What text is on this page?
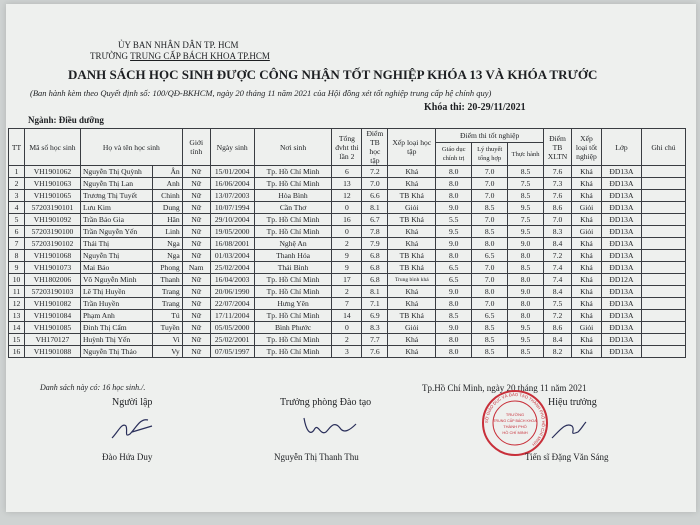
ỦY BAN NHÂN DÂN TP. HCM
TRƯỜNG TRUNG CẤP BÁCH KHOA TP.HCM
DANH SÁCH HỌC SINH ĐƯỢC CÔNG NHẬN TỐT NGHIỆP KHÓA 13 VÀ KHÓA TRƯỚC
(Ban hành kèm theo Quyết định số: 100/QĐ-BKHCM, ngày 20 tháng 11 năm 2021 của Hội đồng xét tốt nghiệp trung cấp hệ chính quy)
Khóa thi: 20-29/11/2021
Ngành: Điều dưỡng
TT	Mã số học sinh	Họ và tên học sinh		Giới tính	Ngày sinh	Nơi sinh	Tổng đvht thi lần 2	Điểm TB học tập	Xếp loại học tập	Điểm thi tốt nghiệp			Điểm TB XLTN	Xếp loại tốt nghiệp	Lớp	Ghi chú
										Giáo dục chính trị	Lý thuyết tổng hợp	Thực hành				
1	VH1901062	Nguyễn Thị Quỳnh	Ân	Nữ	15/01/2004	Tp. Hồ Chí Minh	6	7.2	Khá	8.0	7.0	8.5	7.6	Khá	ĐD13A	
2	VH1901063	Nguyễn Thị Lan	Anh	Nữ	16/06/2004	Tp. Hồ Chí Minh	13	7.0	Khá	8.0	7.0	7.5	7.3	Khá	ĐD13A	
3	VH1901065	Trương Thị Tuyết	Chinh	Nữ	13/07/2003	Hòa Bình	12	6.6	TB Khá	8.0	7.0	8.5	7.6	Khá	ĐD13A	
4	57203190101	Lưu Kim	Dung	Nữ	10/07/1994	Cần Thơ	0	8.1	Giỏi	9.0	8.5	9.5	8.6	Giỏi	ĐD13A	
5	VH1901092	Trần Bảo Gia	Hân	Nữ	29/10/2004	Tp. Hồ Chí Minh	16	6.7	TB Khá	5.5	7.0	7.5	7.0	Khá	ĐD13A	
6	57203190100	Trần Nguyễn Yến	Linh	Nữ	19/05/2000	Tp. Hồ Chí Minh	0	7.8	Khá	9.5	8.5	9.5	8.3	Giỏi	ĐD13A	
7	57203190102	Thái Thị	Nga	Nữ	16/08/2001	Nghệ An	2	7.9	Khá	9.0	8.0	9.0	8.4	Khá	ĐD13A	
8	VH1901068	Nguyễn Thị	Nga	Nữ	01/03/2004	Thanh Hóa	9	6.8	TB Khá	8.0	6.5	8.0	7.2	Khá	ĐD13A	
9	VH1901073	Mai Bảo	Phong	Nam	25/02/2004	Thái Bình	9	6.8	TB Khá	6.5	7.0	8.5	7.4	Khá	ĐD13A	
10	VH1802006	Võ Nguyễn Minh	Thanh	Nữ	16/04/2003	Tp. Hồ Chí Minh	17	6.8	Trung bình khá	6.5	7.0	8.0	7.4	Khá	ĐD12A	
11	57203190103	Lê Thị Huyền	Trang	Nữ	20/06/1990	Tp. Hồ Chí Minh	2	8.1	Khá	9.0	8.0	9.0	8.4	Khá	ĐD13A	
12	VH1901082	Trần Huyền	Trang	Nữ	22/07/2004	Hưng Yên	7	7.1	Khá	8.0	7.0	8.0	7.5	Khá	ĐD13A	
13	VH1901084	Phạm Anh	Tú	Nữ	17/11/2004	Tp. Hồ Chí Minh	14	6.9	TB Khá	8.5	6.5	8.0	7.2	Khá	ĐD13A	
14	VH1901085	Đinh Thị Cẩm	Tuyền	Nữ	05/05/2000	Bình Phước	0	8.3	Giỏi	9.0	8.5	9.5	8.6	Giỏi	ĐD13A	
15	VH170127	Huỳnh Thị Yến	Vi	Nữ	25/02/2001	Tp. Hồ Chí Minh	2	7.7	Khá	8.0	8.5	9.5	8.4	Khá	ĐD13A	
16	VH1901088	Nguyễn Thị Thảo	Vy	Nữ	07/05/1997	Tp. Hồ Chí Minh	3	7.6	Khá	8.0	8.5	8.5	8.2	Khá	ĐD13A	
Danh sách này có: 16 học sinh./.	Tp.Hồ Chí Minh, ngày 20 tháng 11 năm 2021
Người lập	Trưởng phòng Đào tạo	Hiệu trưởng
SỞ GIÁO DỤC VÀ ĐÀO TẠO THÀNH PHỐ HỒ CHÍ MINH
TRƯỜNG
TRUNG CẤP BÁCH KHOA
THÀNH PHỐ
HỒ CHÍ MINH
Đào Hứa Duy	Nguyễn Thị Thanh Thu	Tiến sĩ Đặng Văn Sáng
